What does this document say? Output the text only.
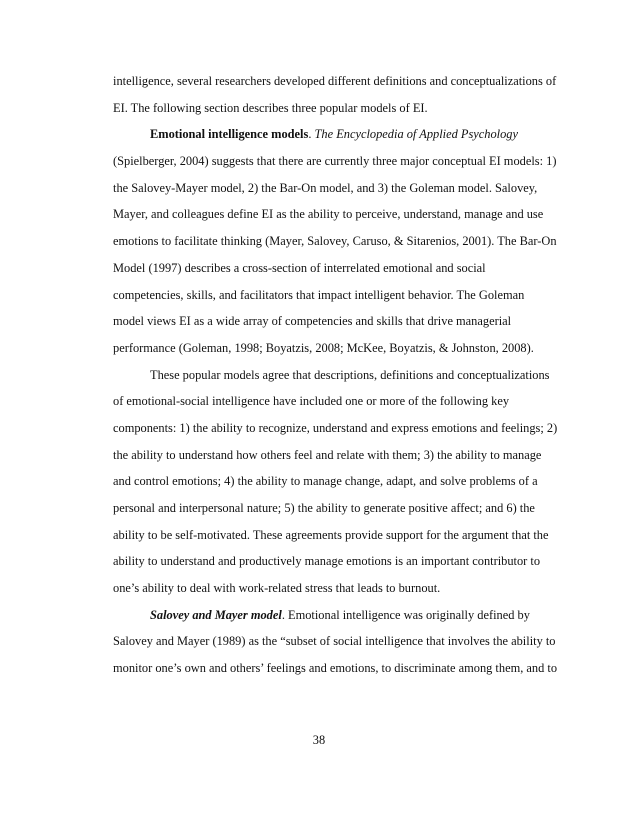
intelligence, several researchers developed different definitions and conceptualizations of
EI. The following section describes three popular models of EI.
Emotional intelligence models. The Encyclopedia of Applied Psychology
(Spielberger, 2004) suggests that there are currently three major conceptual EI models: 1)
the Salovey-Mayer model, 2) the Bar-On model, and 3) the Goleman model. Salovey,
Mayer, and colleagues define EI as the ability to perceive, understand, manage and use
emotions to facilitate thinking (Mayer, Salovey, Caruso, & Sitarenios, 2001). The Bar-On
Model (1997) describes a cross-section of interrelated emotional and social
competencies, skills, and facilitators that impact intelligent behavior. The Goleman
model views EI as a wide array of competencies and skills that drive managerial
performance (Goleman, 1998; Boyatzis, 2008; McKee, Boyatzis, & Johnston, 2008).
These popular models agree that descriptions, definitions and conceptualizations
of emotional-social intelligence have included one or more of the following key
components: 1) the ability to recognize, understand and express emotions and feelings; 2)
the ability to understand how others feel and relate with them; 3) the ability to manage
and control emotions; 4) the ability to manage change, adapt, and solve problems of a
personal and interpersonal nature; 5) the ability to generate positive affect; and 6) the
ability to be self-motivated. These agreements provide support for the argument that the
ability to understand and productively manage emotions is an important contributor to
one’s ability to deal with work-related stress that leads to burnout.
Salovey and Mayer model. Emotional intelligence was originally defined by
Salovey and Mayer (1989) as the “subset of social intelligence that involves the ability to
monitor one’s own and others’ feelings and emotions, to discriminate among them, and to
38
